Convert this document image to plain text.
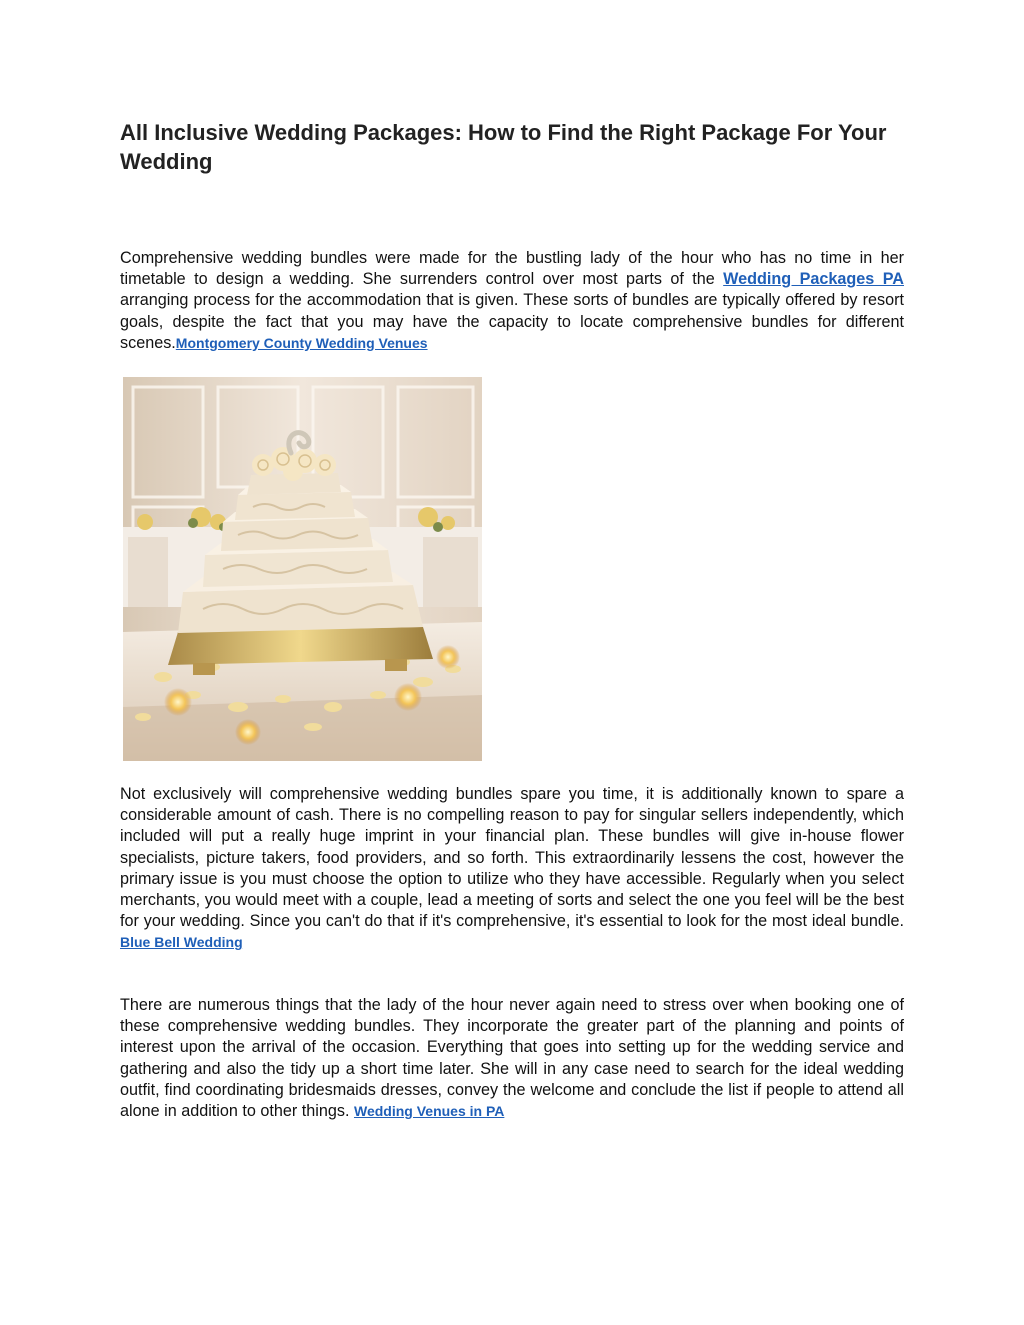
All Inclusive Wedding Packages: How to Find the Right Package For Your Wedding

Comprehensive wedding bundles were made for the bustling lady of the hour who has no time in her timetable to design a wedding. She surrenders control over most parts of the Wedding Packages PA arranging process for the accommodation that is given. These sorts of bundles are typically offered by resort goals, despite the fact that you may have the capacity to locate comprehensive bundles for different scenes.Montgomery County Wedding Venues

Not exclusively will comprehensive wedding bundles spare you time, it is additionally known to spare a considerable amount of cash. There is no compelling reason to pay for singular sellers independently, which included will put a really huge imprint in your financial plan. These bundles will give in-house flower specialists, picture takers, food providers, and so forth. This extraordinarily lessens the cost, however the primary issue is you must choose the option to utilize who they have accessible. Regularly when you select merchants, you would meet with a couple, lead a meeting of sorts and select the one you feel will be the best for your wedding. Since you can't do that if it's comprehensive, it's essential to look for the most ideal bundle. Blue Bell Wedding

There are numerous things that the lady of the hour never again need to stress over when booking one of these comprehensive wedding bundles. They incorporate the greater part of the planning and points of interest upon the arrival of the occasion. Everything that goes into setting up for the wedding service and gathering and also the tidy up a short time later. She will in any case need to search for the ideal wedding outfit, find coordinating bridesmaids dresses, convey the welcome and conclude the list if people to attend all alone in addition to other things. Wedding Venues in PA
